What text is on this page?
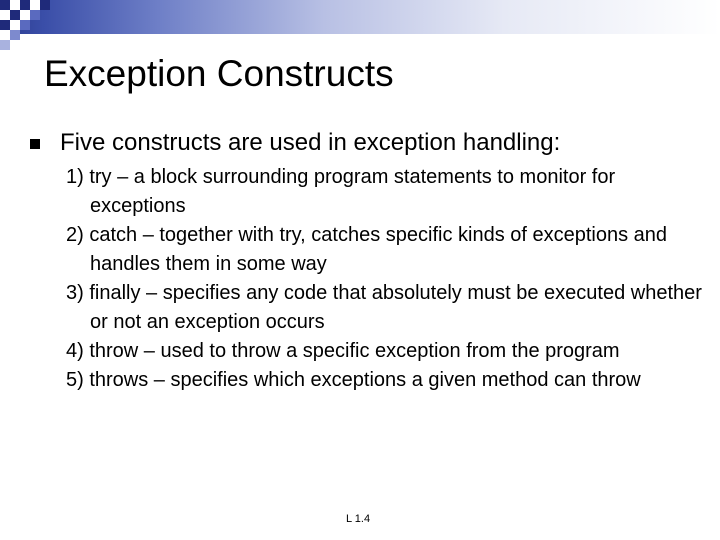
Exception Constructs
Five constructs are used in exception handling:

1) try – a block surrounding program statements to monitor for exceptions

2) catch – together with try, catches specific kinds of exceptions and handles them in some way

3) finally – specifies any code that absolutely must be executed whether or not an exception occurs

4) throw – used to throw a specific exception from the program

5) throws – specifies which exceptions a given method can throw

L 1.4
